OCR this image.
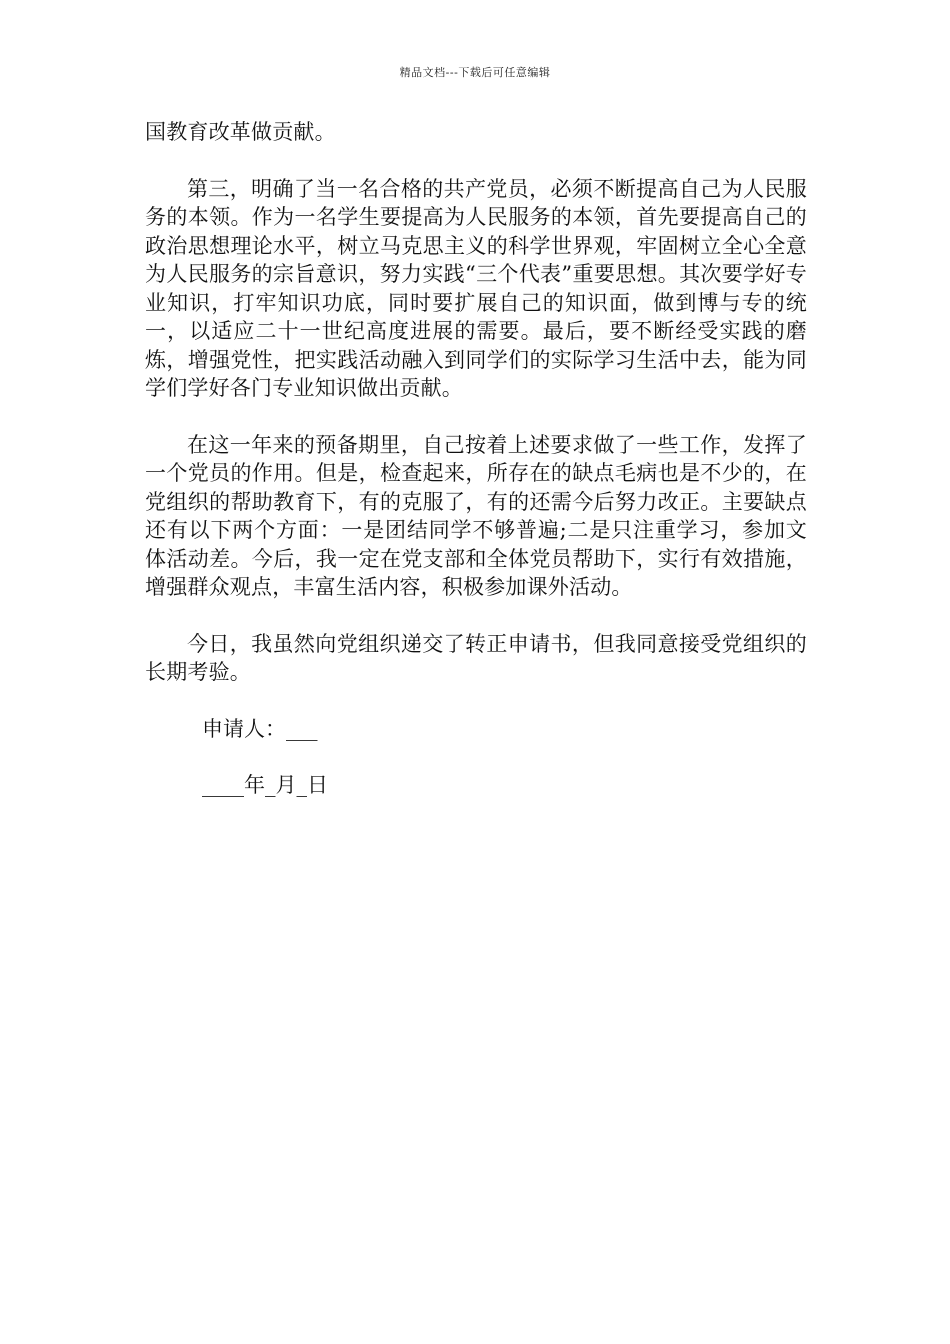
精品文档---下载后可任意编辑

国教育改革做贡献。

第三，明确了当一名合格的共产党员，必须不断提高自己为人民服务的本领。作为一名学生要提高为人民服务的本领，首先要提高自己的政治思想理论水平，树立马克思主义的科学世界观，牢固树立全心全意为人民服务的宗旨意识，努力实践“三个代表”重要思想。其次要学好专业知识，打牢知识功底，同时要扩展自己的知识面，做到博与专的统一，以适应二十一世纪高度进展的需要。最后，要不断经受实践的磨炼，增强党性，把实践活动融入到同学们的实际学习生活中去，能为同学们学好各门专业知识做出贡献。

在这一年来的预备期里，自己按着上述要求做了一些工作，发挥了一个党员的作用。但是，检查起来，所存在的缺点毛病也是不少的，在党组织的帮助教育下，有的克服了，有的还需今后努力改正。主要缺点还有以下两个方面：一是团结同学不够普遍;二是只注重学习，参加文体活动差。今后，我一定在党支部和全体党员帮助下，实行有效措施，增强群众观点，丰富生活内容，积极参加课外活动。

今日，我虽然向党组织递交了转正申请书，但我同意接受党组织的长期考验。

申请人：___

____年_月_日
